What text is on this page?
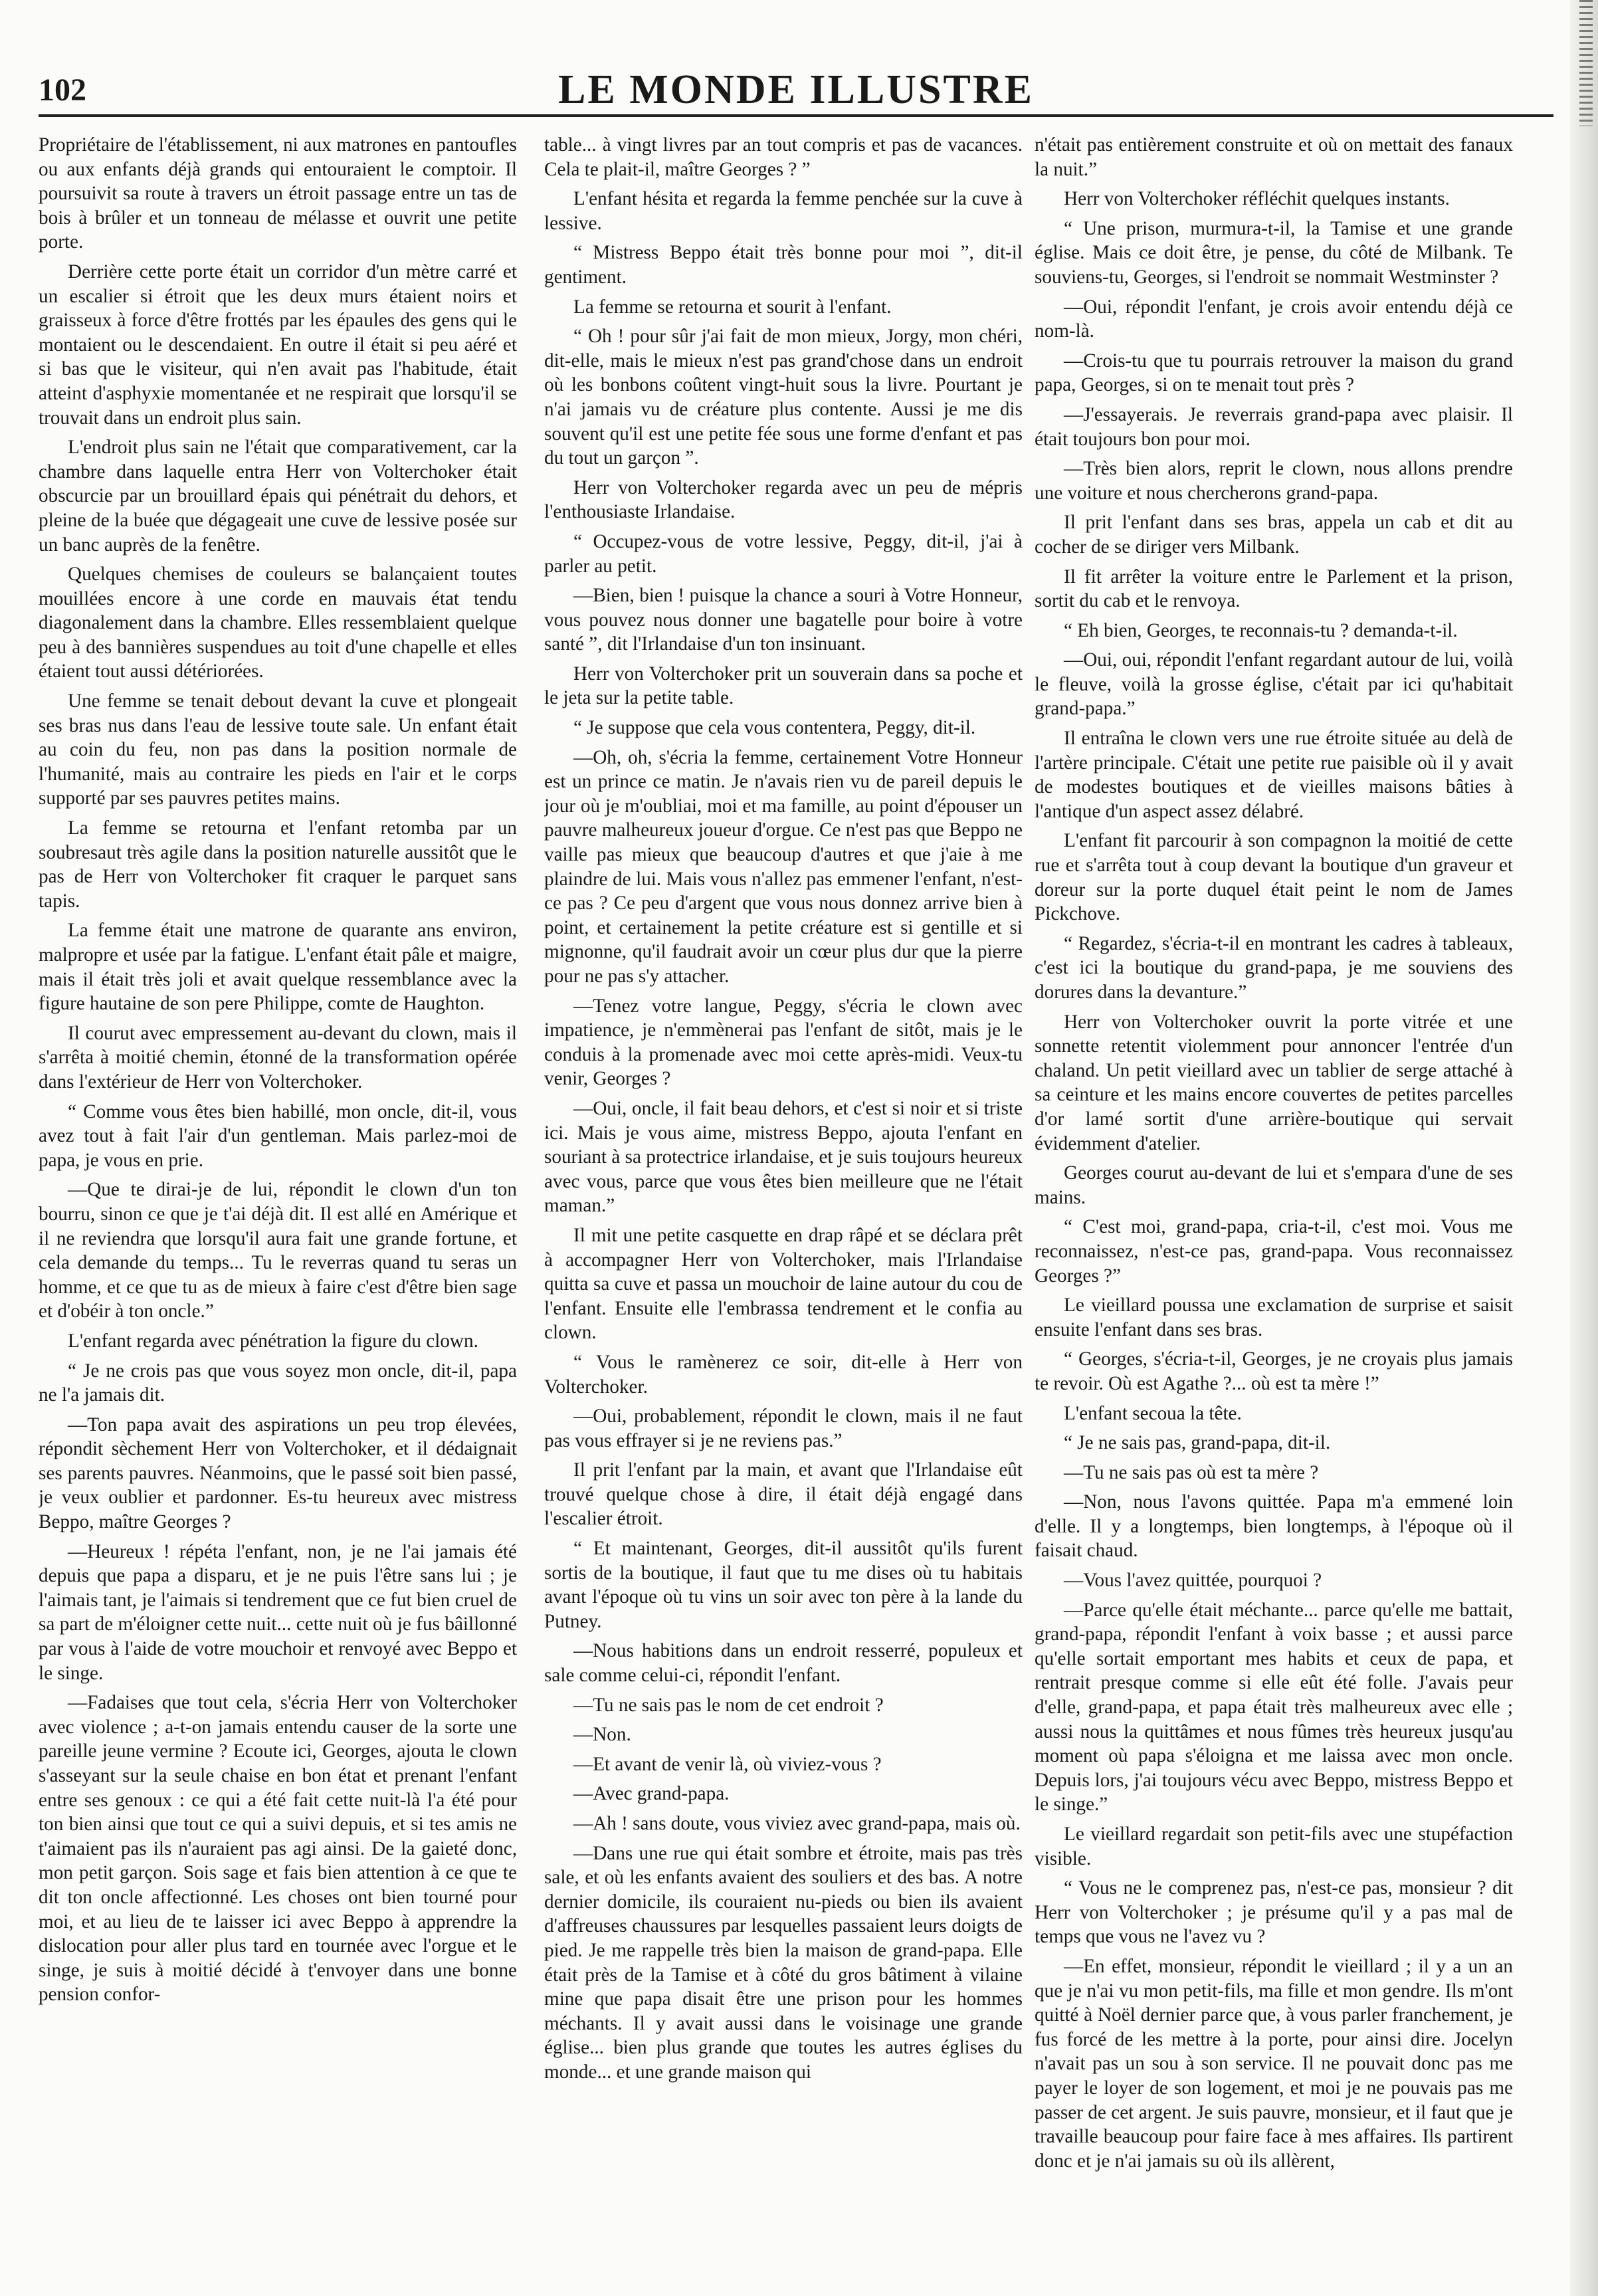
102	LE MONDE ILLUSTRE

Propriétaire de l'établissement, ni aux matrones en pantoufles ou aux enfants déjà grands qui entouraient le comptoir. Il poursuivit sa route à travers un étroit passage entre un tas de bois à brûler et un tonneau de mélasse et ouvrit une petite porte.

Derrière cette porte était un corridor d'un mètre carré et un escalier si étroit que les deux murs étaient noirs et graisseux à force d'être frottés par les épaules des gens qui le montaient ou le descendaient. En outre il était si peu aéré et si bas que le visiteur, qui n'en avait pas l'habitude, était atteint d'asphyxie momentanée et ne respirait que lorsqu'il se trouvait dans un endroit plus sain.

L'endroit plus sain ne l'était que comparativement, car la chambre dans laquelle entra Herr von Volterchoker était obscurcie par un brouillard épais qui pénétrait du dehors, et pleine de la buée que dégageait une cuve de lessive posée sur un banc auprès de la fenêtre.

Quelques chemises de couleurs se balançaient toutes mouillées encore à une corde en mauvais état tendu diagonalement dans la chambre. Elles ressemblaient quelque peu à des bannières suspendues au toit d'une chapelle et elles étaient tout aussi détériorées.

Une femme se tenait debout devant la cuve et plongeait ses bras nus dans l'eau de lessive toute sale. Un enfant était au coin du feu, non pas dans la position normale de l'humanité, mais au contraire les pieds en l'air et le corps supporté par ses pauvres petites mains.

La femme se retourna et l'enfant retomba par un soubresaut très agile dans la position naturelle aussitôt que le pas de Herr von Volterchoker fit craquer le parquet sans tapis.

La femme était une matrone de quarante ans environ, malpropre et usée par la fatigue. L'enfant était pâle et maigre, mais il était très joli et avait quelque ressemblance avec la figure hautaine de son pere Philippe, comte de Haughton.

Il courut avec empressement au-devant du clown, mais il s'arrêta à moitié chemin, étonné de la transformation opérée dans l'extérieur de Herr von Volterchoker.

“ Comme vous êtes bien habillé, mon oncle, dit-il, vous avez tout à fait l'air d'un gentleman. Mais parlez-moi de papa, je vous en prie.

—Que te dirai-je de lui, répondit le clown d'un ton bourru, sinon ce que je t'ai déjà dit. Il est allé en Amérique et il ne reviendra que lorsqu'il aura fait une grande fortune, et cela demande du temps... Tu le reverras quand tu seras un homme, et ce que tu as de mieux à faire c'est d'être bien sage et d'obéir à ton oncle.”

L'enfant regarda avec pénétration la figure du clown.

“ Je ne crois pas que vous soyez mon oncle, dit-il, papa ne l'a jamais dit.

—Ton papa avait des aspirations un peu trop élevées, répondit sèchement Herr von Volterchoker, et il dédaignait ses parents pauvres. Néanmoins, que le passé soit bien passé, je veux oublier et pardonner. Es-tu heureux avec mistress Beppo, maître Georges ?

—Heureux ! répéta l'enfant, non, je ne l'ai jamais été depuis que papa a disparu, et je ne puis l'être sans lui ; je l'aimais tant, je l'aimais si tendrement que ce fut bien cruel de sa part de m'éloigner cette nuit... cette nuit où je fus bâillonné par vous à l'aide de votre mouchoir et renvoyé avec Beppo et le singe.

—Fadaises que tout cela, s'écria Herr von Volterchoker avec violence ; a-t-on jamais entendu causer de la sorte une pareille jeune vermine ? Ecoute ici, Georges, ajouta le clown s'asseyant sur la seule chaise en bon état et prenant l'enfant entre ses genoux : ce qui a été fait cette nuit-là l'a été pour ton bien ainsi que tout ce qui a suivi depuis, et si tes amis ne t'aimaient pas ils n'auraient pas agi ainsi. De la gaieté donc, mon petit garçon. Sois sage et fais bien attention à ce que te dit ton oncle affectionné. Les choses ont bien tourné pour moi, et au lieu de te laisser ici avec Beppo à apprendre la dislocation pour aller plus tard en tournée avec l'orgue et le singe, je suis à moitié décidé à t'envoyer dans une bonne pension confor-

table... à vingt livres par an tout compris et pas de vacances. Cela te plait-il, maître Georges ? ”

L'enfant hésita et regarda la femme penchée sur la cuve à lessive.

“ Mistress Beppo était très bonne pour moi ”, dit-il gentiment.

La femme se retourna et sourit à l'enfant.

“ Oh ! pour sûr j'ai fait de mon mieux, Jorgy, mon chéri, dit-elle, mais le mieux n'est pas grand'chose dans un endroit où les bonbons coûtent vingt-huit sous la livre. Pourtant je n'ai jamais vu de créature plus contente. Aussi je me dis souvent qu'il est une petite fée sous une forme d'enfant et pas du tout un garçon ”.

Herr von Volterchoker regarda avec un peu de mépris l'enthousiaste Irlandaise.

“ Occupez-vous de votre lessive, Peggy, dit-il, j'ai à parler au petit.

—Bien, bien ! puisque la chance a souri à Votre Honneur, vous pouvez nous donner une bagatelle pour boire à votre santé ”, dit l'Irlandaise d'un ton insinuant.

Herr von Volterchoker prit un souverain dans sa poche et le jeta sur la petite table.

“ Je suppose que cela vous contentera, Peggy, dit-il.

—Oh, oh, s'écria la femme, certainement Votre Honneur est un prince ce matin. Je n'avais rien vu de pareil depuis le jour où je m'oubliai, moi et ma famille, au point d'épouser un pauvre malheureux joueur d'orgue. Ce n'est pas que Beppo ne vaille pas mieux que beaucoup d'autres et que j'aie à me plaindre de lui. Mais vous n'allez pas emmener l'enfant, n'est-ce pas ? Ce peu d'argent que vous nous donnez arrive bien à point, et certainement la petite créature est si gentille et si mignonne, qu'il faudrait avoir un cœur plus dur que la pierre pour ne pas s'y attacher.

—Tenez votre langue, Peggy, s'écria le clown avec impatience, je n'emmènerai pas l'enfant de sitôt, mais je le conduis à la promenade avec moi cette après-midi. Veux-tu venir, Georges ?

—Oui, oncle, il fait beau dehors, et c'est si noir et si triste ici. Mais je vous aime, mistress Beppo, ajouta l'enfant en souriant à sa protectrice irlandaise, et je suis toujours heureux avec vous, parce que vous êtes bien meilleure que ne l'était maman.”

Il mit une petite casquette en drap râpé et se déclara prêt à accompagner Herr von Volterchoker, mais l'Irlandaise quitta sa cuve et passa un mouchoir de laine autour du cou de l'enfant. Ensuite elle l'embrassa tendrement et le confia au clown.

“ Vous le ramènerez ce soir, dit-elle à Herr von Volterchoker.

—Oui, probablement, répondit le clown, mais il ne faut pas vous effrayer si je ne reviens pas.”

Il prit l'enfant par la main, et avant que l'Irlandaise eût trouvé quelque chose à dire, il était déjà engagé dans l'escalier étroit.

“ Et maintenant, Georges, dit-il aussitôt qu'ils furent sortis de la boutique, il faut que tu me dises où tu habitais avant l'époque où tu vins un soir avec ton père à la lande du Putney.

—Nous habitions dans un endroit resserré, populeux et sale comme celui-ci, répondit l'enfant.

—Tu ne sais pas le nom de cet endroit ?

—Non.

—Et avant de venir là, où viviez-vous ?

—Avec grand-papa.

—Ah ! sans doute, vous viviez avec grand-papa, mais où.

—Dans une rue qui était sombre et étroite, mais pas très sale, et où les enfants avaient des souliers et des bas. A notre dernier domicile, ils couraient nu-pieds ou bien ils avaient d'affreuses chaussures par lesquelles passaient leurs doigts de pied. Je me rappelle très bien la maison de grand-papa. Elle était près de la Tamise et à côté du gros bâtiment à vilaine mine que papa disait être une prison pour les hommes méchants. Il y avait aussi dans le voisinage une grande église... bien plus grande que toutes les autres églises du monde... et une grande maison qui

n'était pas entièrement construite et où on mettait des fanaux la nuit.”

Herr von Volterchoker réfléchit quelques instants.

“ Une prison, murmura-t-il, la Tamise et une grande église. Mais ce doit être, je pense, du côté de Milbank. Te souviens-tu, Georges, si l'endroit se nommait Westminster ?

—Oui, répondit l'enfant, je crois avoir entendu déjà ce nom-là.

—Crois-tu que tu pourrais retrouver la maison du grand papa, Georges, si on te menait tout près ?

—J'essayerais. Je reverrais grand-papa avec plaisir. Il était toujours bon pour moi.

—Très bien alors, reprit le clown, nous allons prendre une voiture et nous chercherons grand-papa.

Il prit l'enfant dans ses bras, appela un cab et dit au cocher de se diriger vers Milbank.

Il fit arrêter la voiture entre le Parlement et la prison, sortit du cab et le renvoya.

“ Eh bien, Georges, te reconnais-tu ? demanda-t-il.

—Oui, oui, répondit l'enfant regardant autour de lui, voilà le fleuve, voilà la grosse église, c'était par ici qu'habitait grand-papa.”

Il entraîna le clown vers une rue étroite située au delà de l'artère principale. C'était une petite rue paisible où il y avait de modestes boutiques et de vieilles maisons bâties à l'antique d'un aspect assez délabré.

L'enfant fit parcourir à son compagnon la moitié de cette rue et s'arrêta tout à coup devant la boutique d'un graveur et doreur sur la porte duquel était peint le nom de James Pickchove.

“ Regardez, s'écria-t-il en montrant les cadres à tableaux, c'est ici la boutique du grand-papa, je me souviens des dorures dans la devanture.”

Herr von Volterchoker ouvrit la porte vitrée et une sonnette retentit violemment pour annoncer l'entrée d'un chaland. Un petit vieillard avec un tablier de serge attaché à sa ceinture et les mains encore couvertes de petites parcelles d'or lamé sortit d'une arrière-boutique qui servait évidemment d'atelier.

Georges courut au-devant de lui et s'empara d'une de ses mains.

“ C'est moi, grand-papa, cria-t-il, c'est moi. Vous me reconnaissez, n'est-ce pas, grand-papa. Vous reconnaissez Georges ?”

Le vieillard poussa une exclamation de surprise et saisit ensuite l'enfant dans ses bras.

“ Georges, s'écria-t-il, Georges, je ne croyais plus jamais te revoir. Où est Agathe ?... où est ta mère !”

L'enfant secoua la tête.

“ Je ne sais pas, grand-papa, dit-il.

—Tu ne sais pas où est ta mère ?

—Non, nous l'avons quittée. Papa m'a emmené loin d'elle. Il y a longtemps, bien longtemps, à l'époque où il faisait chaud.

—Vous l'avez quittée, pourquoi ?

—Parce qu'elle était méchante... parce qu'elle me battait, grand-papa, répondit l'enfant à voix basse ; et aussi parce qu'elle sortait emportant mes habits et ceux de papa, et rentrait presque comme si elle eût été folle. J'avais peur d'elle, grand-papa, et papa était très malheureux avec elle ; aussi nous la quittâmes et nous fûmes très heureux jusqu'au moment où papa s'éloigna et me laissa avec mon oncle. Depuis lors, j'ai toujours vécu avec Beppo, mistress Beppo et le singe.”

Le vieillard regardait son petit-fils avec une stupéfaction visible.

“ Vous ne le comprenez pas, n'est-ce pas, monsieur ? dit Herr von Volterchoker ; je présume qu'il y a pas mal de temps que vous ne l'avez vu ?

—En effet, monsieur, répondit le vieillard ; il y a un an que je n'ai vu mon petit-fils, ma fille et mon gendre. Ils m'ont quitté à Noël dernier parce que, à vous parler franchement, je fus forcé de les mettre à la porte, pour ainsi dire. Jocelyn n'avait pas un sou à son service. Il ne pouvait donc pas me payer le loyer de son logement, et moi je ne pouvais pas me passer de cet argent. Je suis pauvre, monsieur, et il faut que je travaille beaucoup pour faire face à mes affaires. Ils partirent donc et je n'ai jamais su où ils allèrent,
